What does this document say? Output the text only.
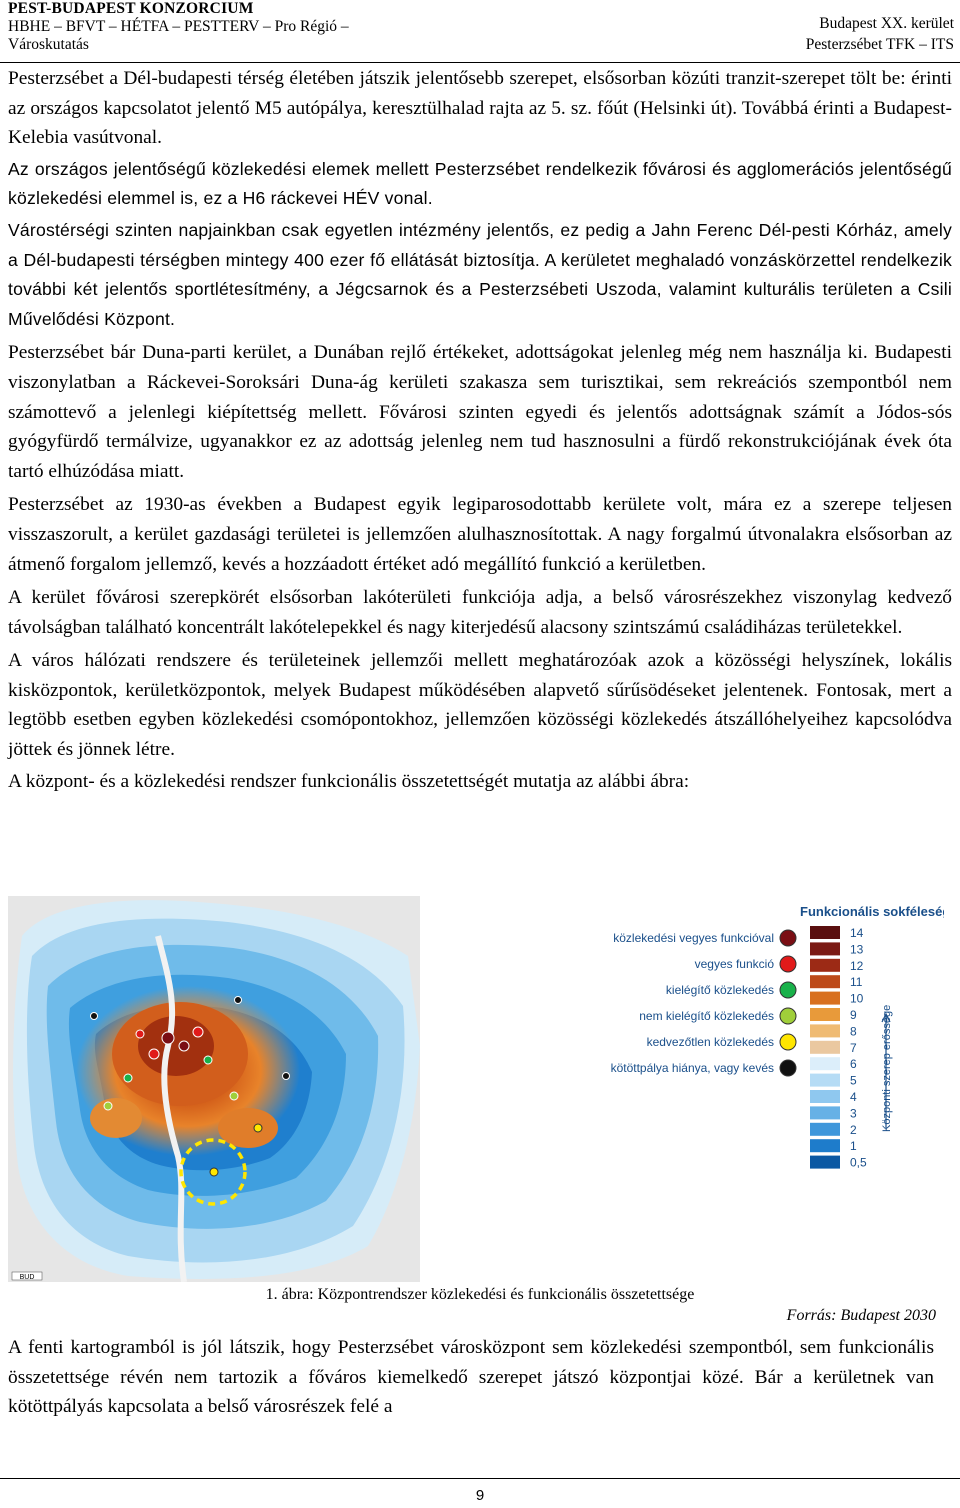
PEST-BUDAPEST KONZORCIUM
HBHE – BFVT – HÉTFA – PESTTERV – Pro Régió –
Városkutatás
Budapest XX. kerület
Pesterzsébet TFK – ITS

Pesterzsébet a Dél-budapesti térség életében játszik jelentősebb szerepet, elsősorban közúti tranzit-szerepet tölt be: érinti az országos kapcsolatot jelentő M5 autópálya, keresztülhalad rajta az 5. sz. főút (Helsinki út). Továbbá érinti a Budapest-Kelebia vasútvonal.

Az országos jelentőségű közlekedési elemek mellett Pesterzsébet rendelkezik fővárosi és agglomerációs jelentőségű közlekedési elemmel is, ez a H6 ráckevei HÉV vonal.

Várostérségi szinten napjainkban csak egyetlen intézmény jelentős, ez pedig a Jahn Ferenc Dél-pesti Kórház, amely a Dél-budapesti térségben mintegy 400 ezer fő ellátását biztosítja. A kerületet meghaladó vonzáskörzettel rendelkezik további két jelentős sportlétesítmény, a Jégcsarnok és a Pesterzsébeti Uszoda, valamint kulturális területen a Csili Művelődési Központ.

Pesterzsébet bár Duna-parti kerület, a Dunában rejlő értékeket, adottságokat jelenleg még nem használja ki. Budapesti viszonylatban a Ráckevei-Soroksári Duna-ág kerületi szakasza sem turisztikai, sem rekreációs szempontból nem számottevő a jelenlegi kiépítettség mellett. Fővárosi szinten egyedi és jelentős adottságnak számít a Jódos-sós gyógyfürdő termálvize, ugyanakkor ez az adottság jelenleg nem tud hasznosulni a fürdő rekonstrukciójának évek óta tartó elhúzódása miatt.

Pesterzsébet az 1930-as években a Budapest egyik legiparosodottabb kerülete volt, mára ez a szerepe teljesen visszaszorult, a kerület gazdasági területei is jellemzően alulhasznosítottak. A nagy forgalmú útvonalakra elsősorban az átmenő forgalom jellemző, kevés a hozzáadott értéket adó megállító funkció a kerületben.

A kerület fővárosi szerepkörét elsősorban lakóterületi funkciója adja, a belső városrészekhez viszonylag kedvező távolságban található koncentrált lakótelepekkel és nagy kiterjedésű alacsony szintszámú családiházas területekkel.

A város hálózati rendszere és területeinek jellemzői mellett meghatározóak azok a közösségi helyszínek, lokális kisközpontok, kerületközpontok, melyek Budapest működésében alapvető sűrűsödéseket jelentenek. Fontosak, mert a legtöbb esetben egyben közlekedési csomópontokhoz, jellemzően közösségi közlekedés átszállóhelyeihez kapcsolódva jöttek és jönnek létre.

A központ- és a közlekedési rendszer funkcionális összetettségét mutatja az alábbi ábra:

BUD
Funkcionális sokféleség
14
13
12
11
10
9
8
7
6
5
4
3
2
1
0,5
közlekedési vegyes funkcióval
vegyes funkció
kielégítő közlekedés
nem kielégítő közlekedés
kedvezőtlen közlekedés
kötöttpálya hiánya, vagy kevés	Központi szerep erőssége
1. ábra: Központrendszer közlekedési és funkcionális összetettsége
Forrás: Budapest 2030

A fenti kartogramból is jól látszik, hogy Pesterzsébet városközpont sem közlekedési szempontból, sem funkcionális összetettsége révén nem tartozik a főváros kiemelkedő szerepet játszó központjai közé. Bár a kerületnek van kötöttpályás kapcsolata a belső városrészek felé a

9
